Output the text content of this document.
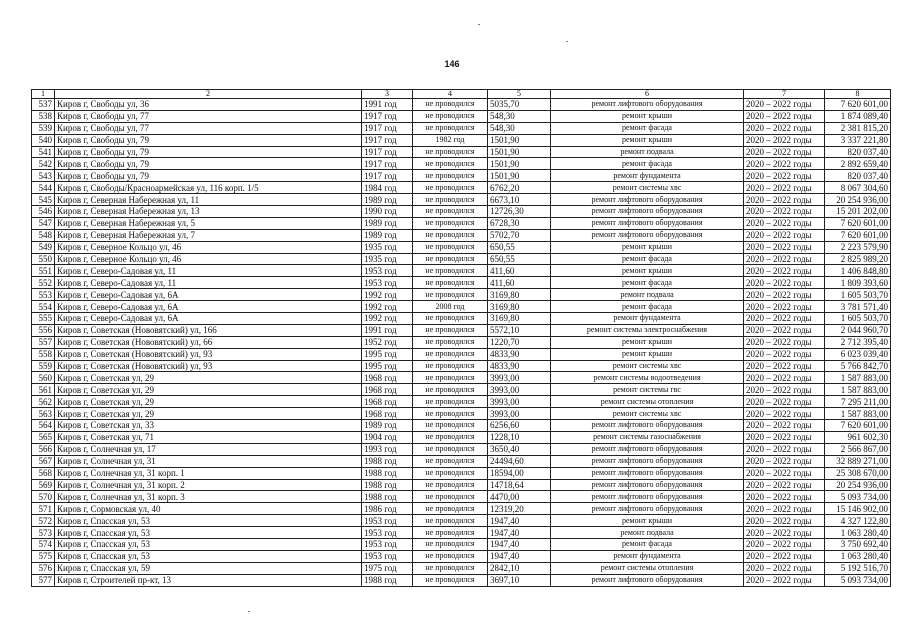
146
1	2	3	4	5	6	7	8
537	Киров г, Свободы ул, 36	1991 год	не проводился	5035,70	ремонт лифтового оборудования	2020 – 2022 годы	7 620 601,00
538	Киров г, Свободы ул, 77	1917 год	не проводился	548,30	ремонт крыши	2020 – 2022 годы	1 874 089,40
539	Киров г, Свободы ул, 77	1917 год	не проводился	548,30	ремонт фасада	2020 – 2022 годы	2 381 815,20
540	Киров г, Свободы ул, 79	1917 год	1982 год	1501,90	ремонт крыши	2020 – 2022 годы	3 337 221,80
541	Киров г, Свободы ул, 79	1917 год	не проводился	1501,90	ремонт подвала	2020 – 2022 годы	820 037,40
542	Киров г, Свободы ул, 79	1917 год	не проводился	1501,90	ремонт фасада	2020 – 2022 годы	2 892 659,40
543	Киров г, Свободы ул, 79	1917 год	не проводился	1501,90	ремонт фундамента	2020 – 2022 годы	820 037,40
544	Киров г, Свободы/Красноармейская ул, 116 корп. 1/5	1984 год	не проводился	6762,20	ремонт системы хвс	2020 – 2022 годы	8 067 304,60
545	Киров г, Северная Набережная ул, 11	1989 год	не проводился	6673,10	ремонт лифтового оборудования	2020 – 2022 годы	20 254 936,00
546	Киров г, Северная Набережная ул, 13	1990 год	не проводился	12726,30	ремонт лифтового оборудования	2020 – 2022 годы	15 201 202,00
547	Киров г, Северная Набережная ул, 5	1989 год	не проводился	6728,30	ремонт лифтового оборудования	2020 – 2022 годы	7 620 601,00
548	Киров г, Северная Набережная ул, 7	1989 год	не проводился	5702,70	ремонт лифтового оборудования	2020 – 2022 годы	7 620 601,00
549	Киров г, Северное Кольцо ул, 46	1935 год	не проводился	650,55	ремонт крыши	2020 – 2022 годы	2 223 579,90
550	Киров г, Северное Кольцо ул, 46	1935 год	не проводился	650,55	ремонт фасада	2020 – 2022 годы	2 825 989,20
551	Киров г, Северо-Садовая ул, 11	1953 год	не проводился	411,60	ремонт крыши	2020 – 2022 годы	1 406 848,80
552	Киров г, Северо-Садовая ул, 11	1953 год	не проводился	411,60	ремонт фасада	2020 – 2022 годы	1 809 393,60
553	Киров г, Северо-Садовая ул, 6А	1992 год	не проводился	3169,80	ремонт подвала	2020 – 2022 годы	1 605 503,70
554	Киров г, Северо-Садовая ул, 6А	1992 год	2008 год	3169,80	ремонт фасада	2020 – 2022 годы	3 781 571,40
555	Киров г, Северо-Садовая ул, 6А	1992 год	не проводился	3169,80	ремонт фундамента	2020 – 2022 годы	1 605 503,70
556	Киров г, Советская (Нововятский) ул, 166	1991 год	не проводился	5572,10	ремонт системы электроснабжения	2020 – 2022 годы	2 044 960,70
557	Киров г, Советская (Нововятский) ул, 66	1952 год	не проводился	1220,70	ремонт крыши	2020 – 2022 годы	2 712 395,40
558	Киров г, Советская (Нововятский) ул, 93	1995 год	не проводился	4833,90	ремонт крыши	2020 – 2022 годы	6 023 039,40
559	Киров г, Советская (Нововятский) ул, 93	1995 год	не проводился	4833,90	ремонт системы хвс	2020 – 2022 годы	5 766 842,70
560	Киров г, Советская ул, 29	1968 год	не проводился	3993,00	ремонт системы водоотведения	2020 – 2022 годы	1 587 883,00
561	Киров г, Советская ул, 29	1968 год	не проводился	3993,00	ремонт системы гвс	2020 – 2022 годы	1 587 883,00
562	Киров г, Советская ул, 29	1968 год	не проводился	3993,00	ремонт системы отопления	2020 – 2022 годы	7 295 211,00
563	Киров г, Советская ул, 29	1968 год	не проводился	3993,00	ремонт системы хвс	2020 – 2022 годы	1 587 883,00
564	Киров г, Советская ул, 33	1989 год	не проводился	6256,60	ремонт лифтового оборудования	2020 – 2022 годы	7 620 601,00
565	Киров г, Советская ул, 71	1904 год	не проводился	1228,10	ремонт системы газоснабжения	2020 – 2022 годы	961 602,30
566	Киров г, Солнечная ул, 17	1993 год	не проводился	3650,40	ремонт лифтового оборудования	2020 – 2022 годы	2 566 867,00
567	Киров г, Солнечная ул, 31	1988 год	не проводился	24494,60	ремонт лифтового оборудования	2020 – 2022 годы	32 889 271,00
568	Киров г, Солнечная ул, 31 корп. 1	1988 год	не проводился	18594,00	ремонт лифтового оборудования	2020 – 2022 годы	25 308 670,00
569	Киров г, Солнечная ул, 31 корп. 2	1988 год	не проводился	14718,64	ремонт лифтового оборудования	2020 – 2022 годы	20 254 936,00
570	Киров г, Солнечная ул, 31 корп. 3	1988 год	не проводился	4470,00	ремонт лифтового оборудования	2020 – 2022 годы	5 093 734,00
571	Киров г, Сормовская ул, 40	1986 год	не проводился	12319,20	ремонт лифтового оборудования	2020 – 2022 годы	15 146 902,00
572	Киров г, Спасская ул, 53	1953 год	не проводился	1947,40	ремонт крыши	2020 – 2022 годы	4 327 122,80
573	Киров г, Спасская ул, 53	1953 год	не проводился	1947,40	ремонт подвала	2020 – 2022 годы	1 063 280,40
574	Киров г, Спасская ул, 53	1953 год	не проводился	1947,40	ремонт фасада	2020 – 2022 годы	3 750 692,40
575	Киров г, Спасская ул, 53	1953 год	не проводился	1947,40	ремонт фундамента	2020 – 2022 годы	1 063 280,40
576	Киров г, Спасская ул, 59	1975 год	не проводился	2842,10	ремонт системы отопления	2020 – 2022 годы	5 192 516,70
577	Киров г, Строителей пр-кт, 13	1988 год	не проводился	3697,10	ремонт лифтового оборудования	2020 – 2022 годы	5 093 734,00
